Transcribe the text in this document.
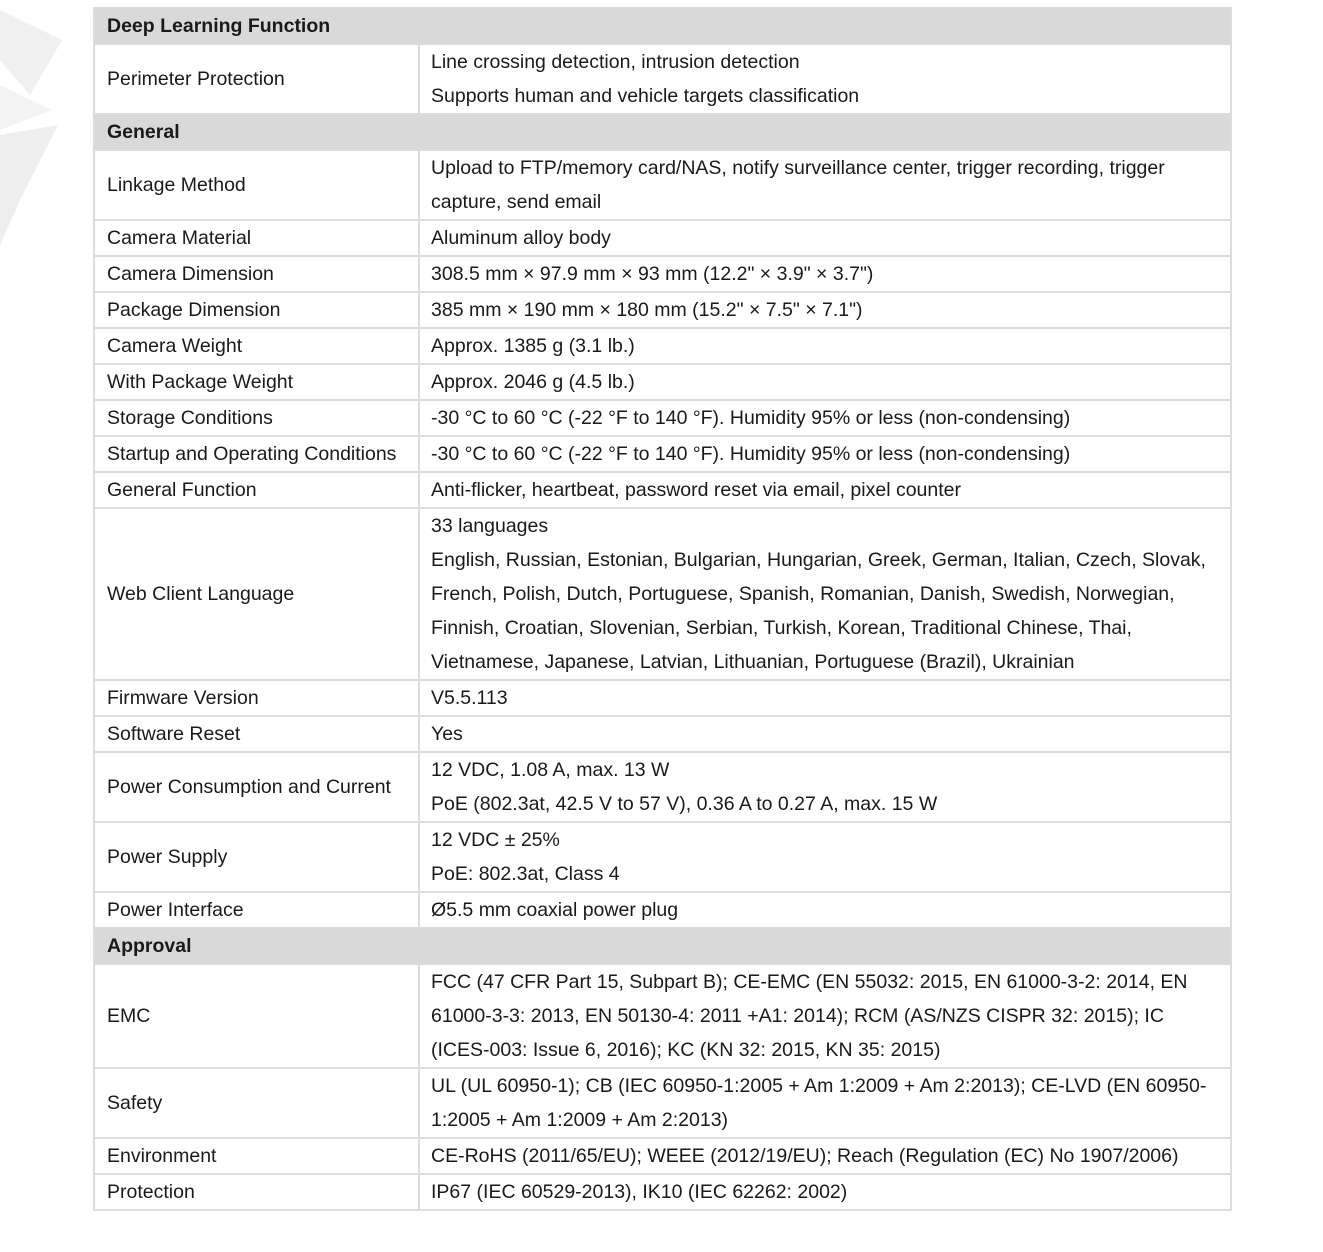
Deep Learning Function	
Perimeter Protection	Line crossing detection, intrusion detection
Supports human and vehicle targets classification

General	
Linkage Method	Upload to FTP/memory card/NAS, notify surveillance center, trigger recording, trigger capture, send email

Camera Material	Aluminum alloy body

Camera Dimension	308.5 mm × 97.9 mm × 93 mm (12.2" × 3.9" × 3.7")

Package Dimension	385 mm × 190 mm × 180 mm (15.2" × 7.5" × 7.1")

Camera Weight	Approx. 1385 g (3.1 lb.)

With Package Weight	Approx. 2046 g (4.5 lb.)

Storage Conditions	-30 °C to 60 °C (-22 °F to 140 °F). Humidity 95% or less (non-condensing)

Startup and Operating Conditions	-30 °C to 60 °C (-22 °F to 140 °F). Humidity 95% or less (non-condensing)

General Function	Anti-flicker, heartbeat, password reset via email, pixel counter

Web Client Language	33 languages
English, Russian, Estonian, Bulgarian, Hungarian, Greek, German, Italian, Czech, Slovak, French, Polish, Dutch, Portuguese, Spanish, Romanian, Danish, Swedish, Norwegian, Finnish, Croatian, Slovenian, Serbian, Turkish, Korean, Traditional Chinese, Thai, Vietnamese, Japanese, Latvian, Lithuanian, Portuguese (Brazil), Ukrainian

Firmware Version	V5.5.113

Software Reset	Yes

Power Consumption and Current	12 VDC, 1.08 A, max. 13 W
PoE (802.3at, 42.5 V to 57 V), 0.36 A to 0.27 A, max. 15 W

Power Supply	12 VDC ± 25%
PoE: 802.3at, Class 4

Power Interface	Ø5.5 mm coaxial power plug

Approval	
EMC	FCC (47 CFR Part 15, Subpart B); CE-EMC (EN 55032: 2015, EN 61000-3-2: 2014, EN 61000-3-3: 2013, EN 50130-4: 2011 +A1: 2014); RCM (AS/NZS CISPR 32: 2015); IC (ICES-003: Issue 6, 2016); KC (KN 32: 2015, KN 35: 2015)

Safety	UL (UL 60950-1); CB (IEC 60950-1:2005 + Am 1:2009 + Am 2:2013); CE-LVD (EN 60950-1:2005 + Am 1:2009 + Am 2:2013)

Environment	CE-RoHS (2011/65/EU); WEEE (2012/19/EU); Reach (Regulation (EC) No 1907/2006)

Protection	IP67 (IEC 60529-2013), IK10 (IEC 62262: 2002)
